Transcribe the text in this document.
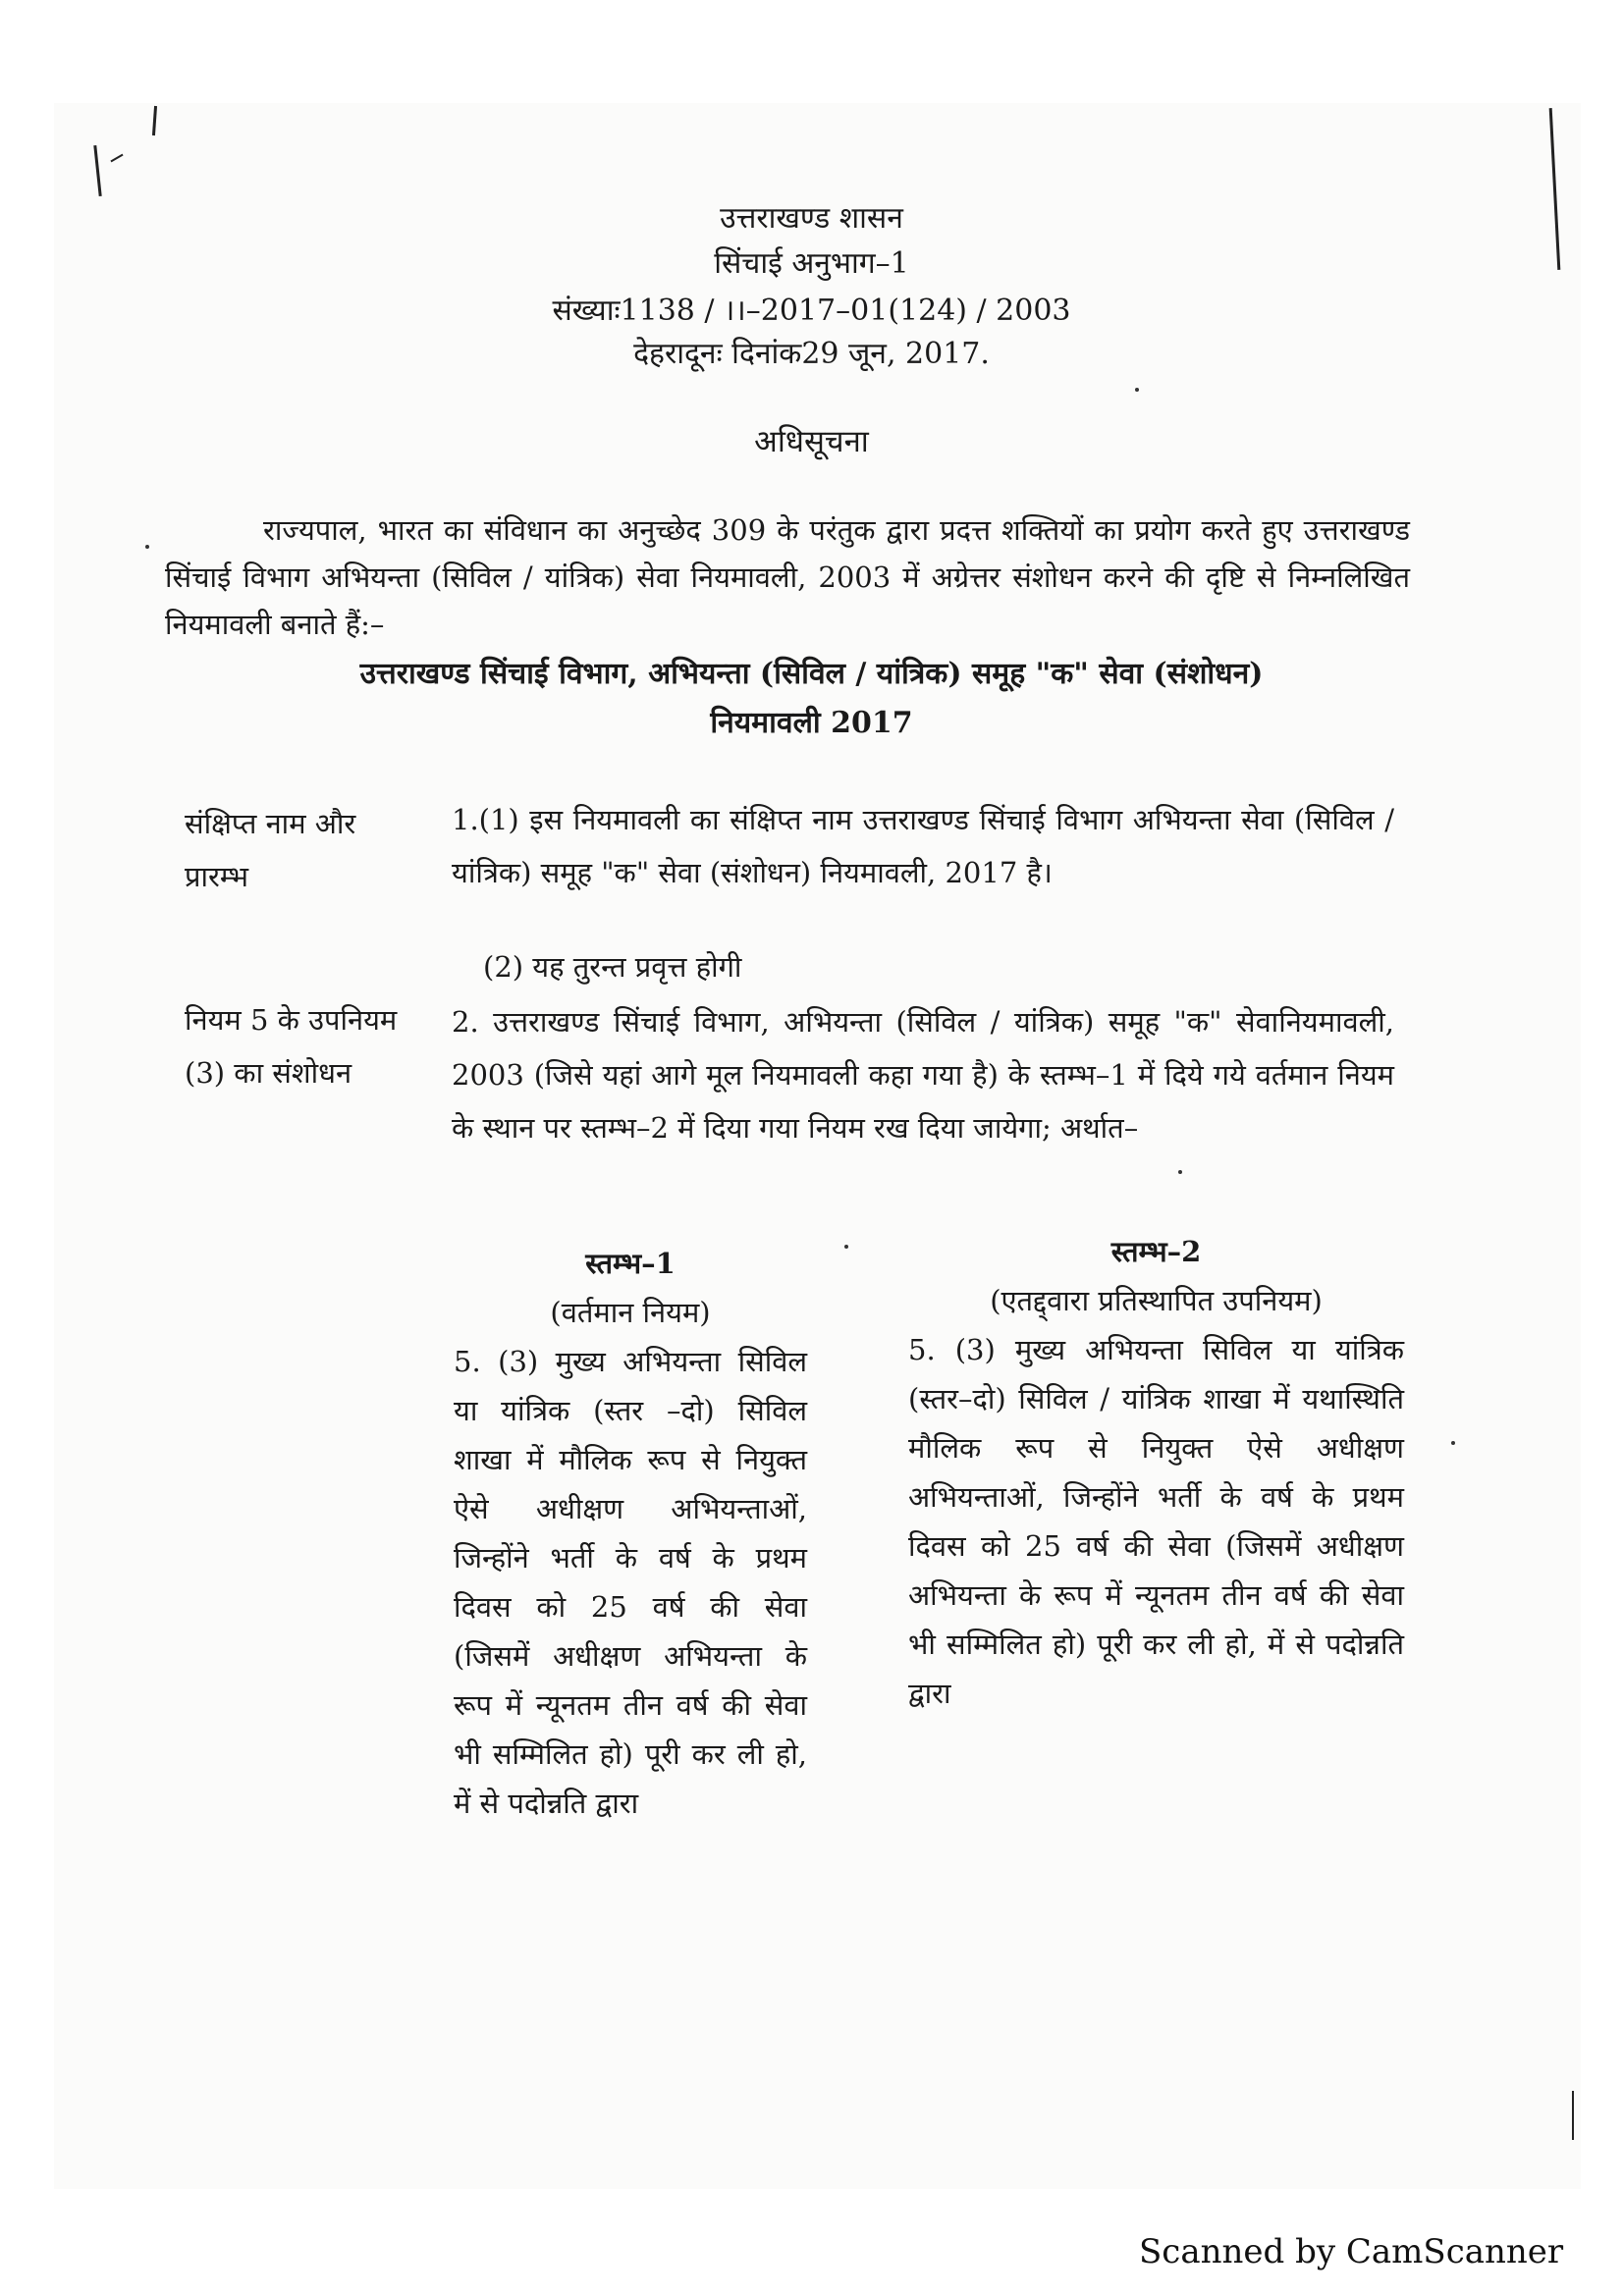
उत्तराखण्ड शासन
सिंचाई अनुभाग–1
संख्याः1138 / ।।–2017–01(124) / 2003
देहरादूनः दिनांक29 जून, 2017.
अधिसूचना
राज्यपाल, भारत का संविधान का अनुच्छेद 309 के परंतुक द्वारा प्रदत्त शक्तियों का प्रयोग करते हुए उत्तराखण्ड सिंचाई विभाग अभियन्ता (सिविल / यांत्रिक) सेवा नियमावली, 2003 में अग्रेत्तर संशोधन करने की दृष्टि से निम्नलिखित नियमावली बनाते हैं:–
उत्तराखण्ड सिंचाई विभाग, अभियन्ता (सिविल / यांत्रिक) समूह "क" सेवा (संशोधन)
नियमावली 2017
संक्षिप्त नाम और प्रारम्भ
1.(1) इस नियमावली का संक्षिप्त नाम उत्तराखण्ड सिंचाई विभाग अभियन्ता सेवा (सिविल / यांत्रिक) समूह "क" सेवा (संशोधन) नियमावली, 2017 है।
(2) यह तुरन्त प्रवृत्त होगी
नियम 5 के उपनियम (3) का संशोधन
2. उत्तराखण्ड सिंचाई विभाग, अभियन्ता (सिविल / यांत्रिक) समूह "क" सेवानियमावली, 2003 (जिसे यहां आगे मूल नियमावली कहा गया है) के स्तम्भ–1 में दिये गये वर्तमान नियम के स्थान पर स्तम्भ–2 में दिया गया नियम रख दिया जायेगा; अर्थात–
स्तम्भ–1
(वर्तमान नियम)
5. (3) मुख्य अभियन्ता सिविल या यांत्रिक (स्तर –दो) सिविल शाखा में मौलिक रूप से नियुक्त ऐसे अधीक्षण अभियन्ताओं, जिन्होंने भर्ती के वर्ष के प्रथम दिवस को 25 वर्ष की सेवा (जिसमें अधीक्षण अभियन्ता के रूप में न्यूनतम तीन वर्ष की सेवा भी सम्मिलित हो) पूरी कर ली हो, में से पदोन्नति द्वारा
स्तम्भ–2
(एतद्द्वारा प्रतिस्थापित उपनियम)
5. (3) मुख्य अभियन्ता सिविल या यांत्रिक (स्तर–दो) सिविल / यांत्रिक शाखा में यथास्थिति मौलिक रूप से नियुक्त ऐसे अधीक्षण अभियन्ताओं, जिन्होंने भर्ती के वर्ष के प्रथम दिवस को 25 वर्ष की सेवा (जिसमें अधीक्षण अभियन्ता के रूप में न्यूनतम तीन वर्ष की सेवा भी सम्मिलित हो) पूरी कर ली हो, में से पदोन्नति द्वारा
Scanned by CamScanner
